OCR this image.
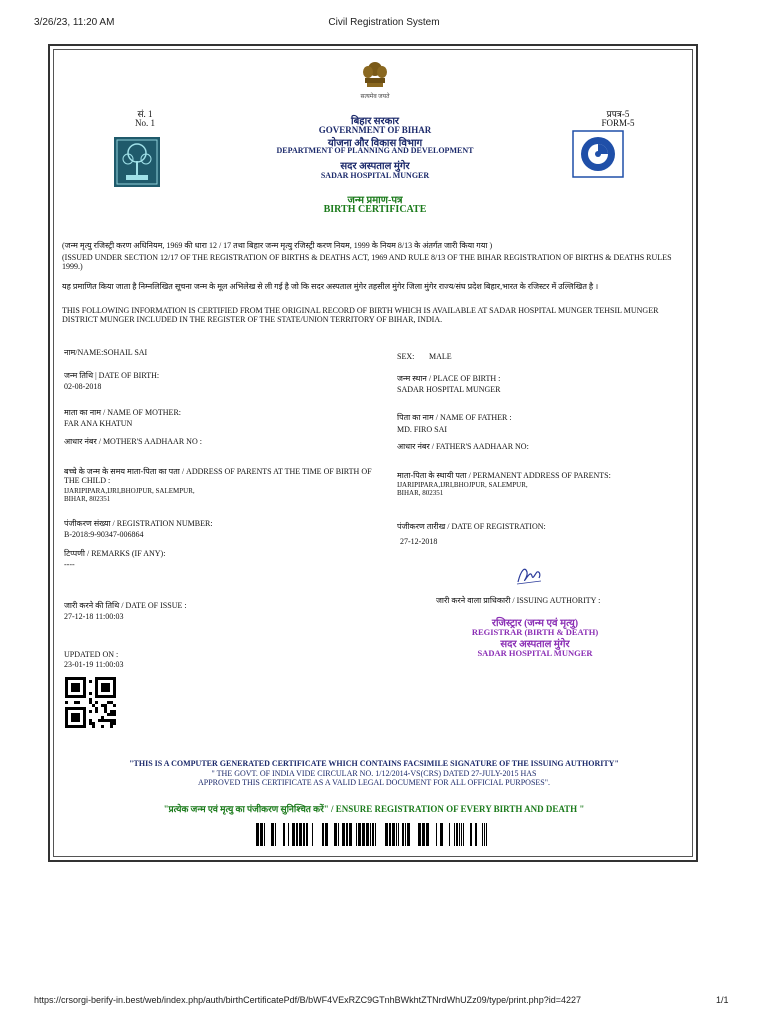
3/26/23, 11:20 AM	Civil Registration System
https://crsorgi-berify-in.best/web/index.php/auth/birthCertificatePdf/B/bWF4VExRZC9GTnhBWkhtZTNrdWhUZz09/type/print.php?id=4227	1/1
सत्यमेव जयते
सं. 1
No. 1
प्रपत्र-5
FORM-5
बिहार सरकार
GOVERNMENT OF BIHAR
योजना और विकास विभाग
DEPARTMENT OF PLANNING AND DEVELOPMENT
सदर अस्पताल मुंगेर
SADAR HOSPITAL MUNGER
जन्म प्रमाण-पत्र
BIRTH CERTIFICATE
(जन्म मृत्यु रजिस्ट्री करण अधिनियम, 1969 की धारा 12 / 17 तथा बिहार जन्म मृत्यु रजिस्ट्री करण नियम, 1999 के नियम 8/13 के अंतर्गत जारी किया गया )
(ISSUED UNDER SECTION 12/17 OF THE REGISTRATION OF BIRTHS & DEATHS ACT, 1969 AND RULE 8/13 OF THE BIHAR REGISTRATION OF BIRTHS & DEATHS RULES 1999.)
यह प्रमाणित किया जाता है निम्नलिखित सूचना जन्म के मूल अभिलेख से ली गई है जो कि सदर अस्पताल मुंगेर तहसील मुंगेर जिला मुंगेर राज्य/संघ प्रदेश बिहार,भारत के रजिस्टर में उल्लिखित है ।
THIS FOLLOWING INFORMATION IS CERTIFIED FROM THE ORIGINAL RECORD OF BIRTH WHICH IS AVAILABLE AT SADAR HOSPITAL MUNGER TEHSIL MUNGER DISTRICT MUNGER INCLUDED IN THE REGISTER OF THE STATE/UNION TERRITORY OF BIHAR, INDIA.
नाम/NAME:SOHAIL SAI
जन्म तिथि | DATE OF BIRTH:
02-08-2018
माता का नाम / NAME OF MOTHER:
FAR ANA KHATUN
आधार नंबर / MOTHER'S AADHAAR NO :
बच्चे के जन्म के समय माता-पिता का पता / ADDRESS OF PARENTS AT THE TIME OF BIRTH OF THE CHILD :
IJARIPIPARA,IJRI,BHOJPUR, SALEMPUR,
BIHAR, 802351
पंजीकरण संख्या / REGISTRATION NUMBER:
B-2018:9-90347-006864
टिप्पणी / REMARKS (IF ANY):
----
जारी करने की तिथि / DATE OF ISSUE :
27-12-18 11:00:03
UPDATED ON :
23-01-19 11:00:03
SEX: MALE
जन्म स्थान / PLACE OF BIRTH :
SADAR HOSPITAL MUNGER
पिता का नाम / NAME OF FATHER :
MD. FIRO SAI
आधार नंबर / FATHER'S AADHAAR NO:
माता-पिता के स्थायी पता / PERMANENT ADDRESS OF PARENTS:
IJARIPIPARA,IJRI,BHOJPUR, SALEMPUR,
BIHAR, 802351
पंजीकरण तारीख / DATE OF REGISTRATION:
27-12-2018
जारी करने वाला प्राधिकारी / ISSUING AUTHORITY :
रजिस्ट्रार (जन्म एवं मृत्यु)
REGISTRAR (BIRTH & DEATH)
सदर अस्पताल मुंगेर
SADAR HOSPITAL MUNGER
"THIS IS A COMPUTER GENERATED CERTIFICATE WHICH CONTAINS FACSIMILE SIGNATURE OF THE ISSUING AUTHORITY"
" THE GOVT. OF INDIA VIDE CIRCULAR NO. 1/12/2014-VS(CRS) DATED 27-JULY-2015 HAS
APPROVED THIS CERTIFICATE AS A VALID LEGAL DOCUMENT FOR ALL OFFICIAL PURPOSES".
"प्रत्येक जन्म एवं मृत्यु का पंजीकरण सुनिश्चित करें" / ENSURE REGISTRATION OF EVERY BIRTH AND DEATH "
